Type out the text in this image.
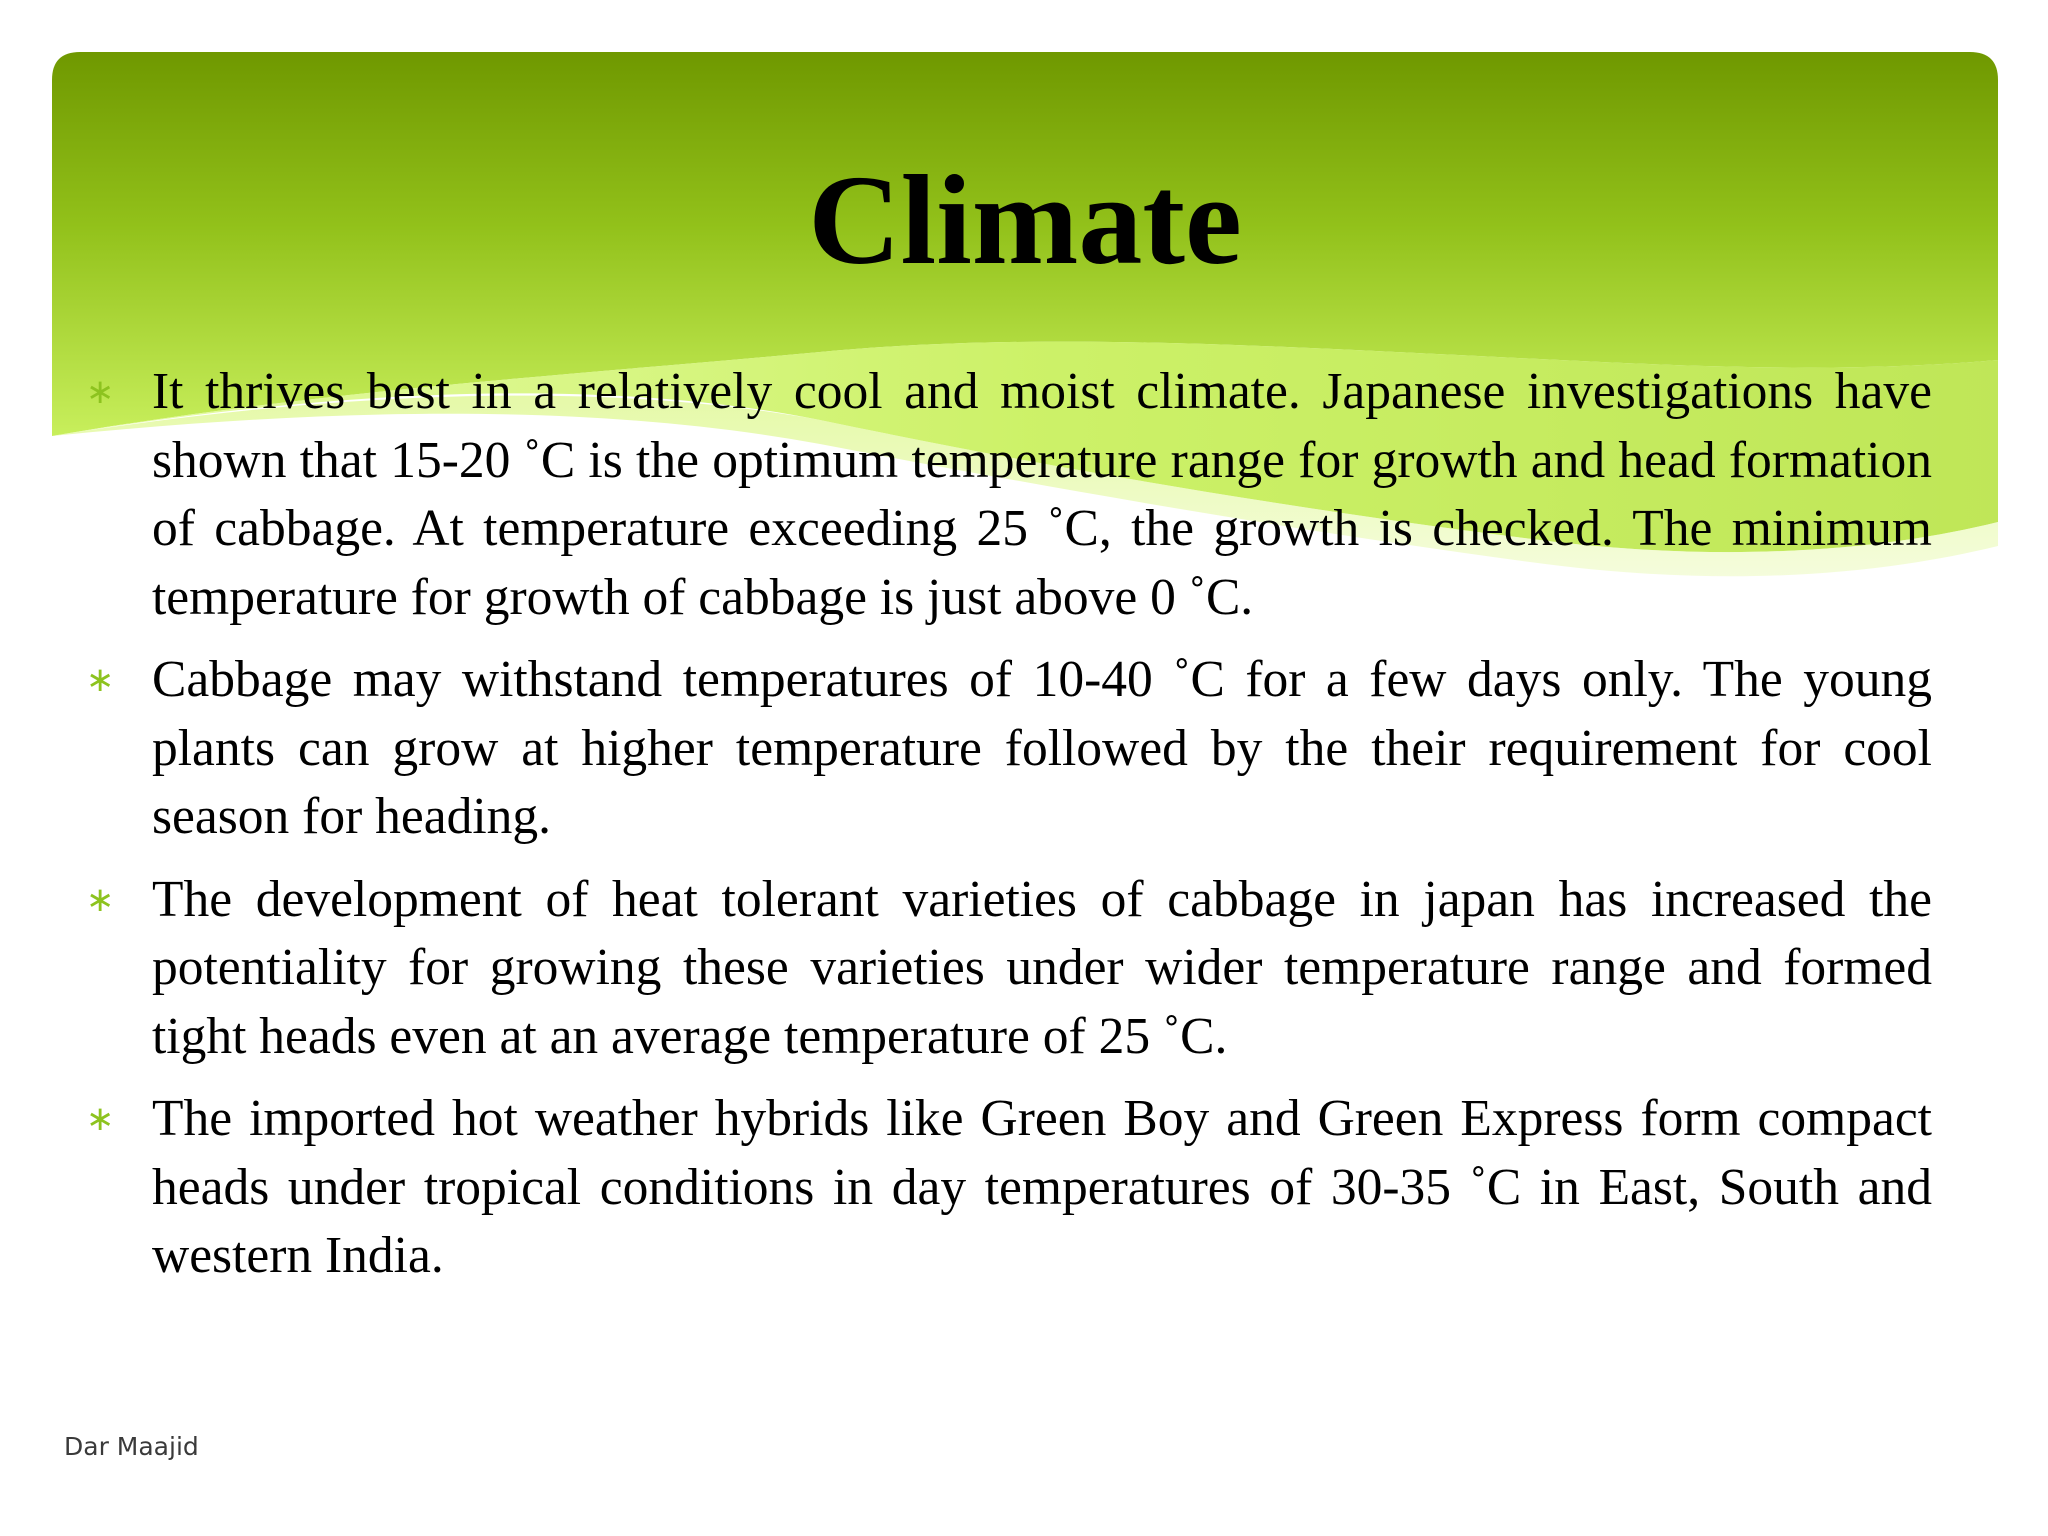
Climate
∗ It thrives best in a relatively cool and moist climate. Japanese investigations have shown that 15-20 ˚C is the optimum temperature range for growth and head formation of cabbage. At temperature exceeding 25 ˚C, the growth is checked. The minimum temperature for growth of cabbage is just above 0 ˚C.
∗ Cabbage may withstand temperatures of 10-40 ˚C for a few days only. The young plants can grow at higher temperature followed by the their requirement for cool season for heading.
∗ The development of heat tolerant varieties of cabbage in japan has increased the potentiality for growing these varieties under wider temperature range and formed tight heads even at an average temperature of 25 ˚C.
∗ The imported hot weather hybrids like Green Boy and Green Express form compact heads under tropical conditions in day temperatures of 30-35 ˚C in East, South and western India.
Dar Maajid
